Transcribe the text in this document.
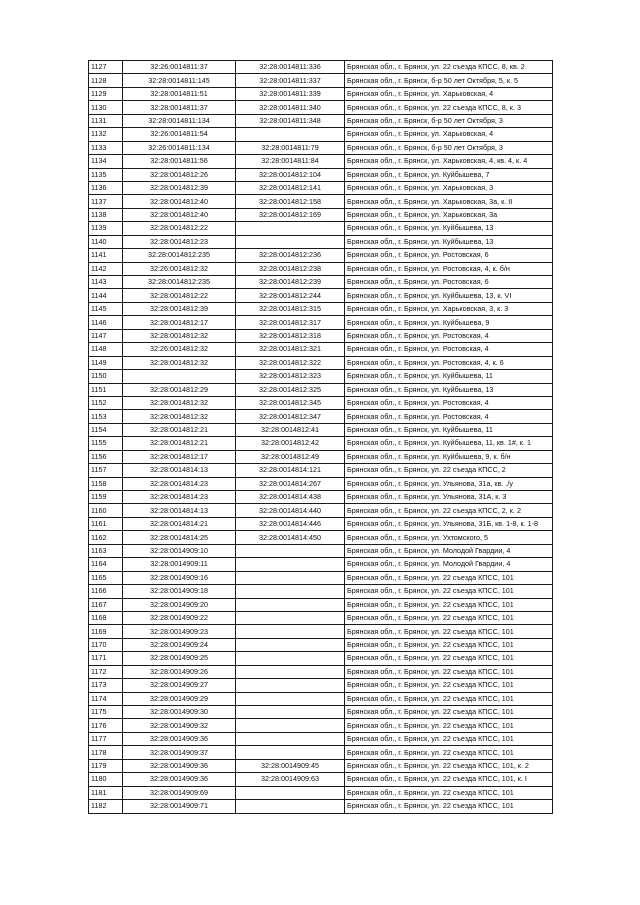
1127	32:26:0014811:37	32:28:0014811:336	Брянская обл., г. Брянск, ул. 22 съезда КПСС, 8, кв. 2
1128	32:28:0014811:145	32:28:0014811:337	Брянская обл., г. Брянск, б-р 50 лет Октября, 5, к. 5
1129	32:28:0014811:51	32:28:0014811:339	Брянская обл., г. Брянск, ул. Харьковская, 4
1130	32:28:0014811:37	32:28:0014811:340	Брянская обл., г. Брянск, ул. 22 съезда КПСС, 8, к. 3
1131	32:28:0014811:134	32:28:0014811:348	Брянская обл., г. Брянск, б-р 50 лет Октября, 3
1132	32:26:0014811:54		Брянская обл., г. Брянск, ул. Харьковская, 4
1133	32:26:0014811:134	32:28:0014811:79	Брянская обл., г. Брянск, б-р 50 лет Октября, 3
1134	32:28:0014811:56	32:28:0014811:84	Брянская обл., г. Брянск, ул. Харьковская, 4, кв. 4, к. 4
1135	32:28:0014812:26	32:28:0014812:104	Брянская обл., г. Брянск, ул. Куйбышева, 7
1136	32:28:0014812:39	32:28:0014812:141	Брянская обл., г. Брянск, ул. Харьковская, 3
1137	32:28:0014812:40	32:28:0014812:158	Брянская обл., г. Брянск, ул. Харьковская, 3а, к. II
1138	32:28:0014812:40	32:28:0014812:169	Брянская обл., г. Брянск, ул. Харьковская, 3а
1139	32:28:0014812:22		Брянская обл., г. Брянск, ул. Куйбышева, 13
1140	32:28:0014812:23		Брянская обл., г. Брянск, ул. Куйбышева, 13
1141	32:28:0014812:235	32:28:0014812:236	Брянская обл., г. Брянск, ул. Ростовская, 6
1142	32:26:0014812:32	32:28:0014812:238	Брянская обл., г. Брянск, ул. Ростовская, 4, к. б/н
1143	32:28:0014812:235	32:28:0014812:239	Брянская обл., г. Брянск, ул. Ростовская, 6
1144	32:28:0014812:22	32:28:0014812:244	Брянская обл., г. Брянск, ул. Куйбышева, 13, к. VI
1145	32:28:0014812:39	32:28:0014812:315	Брянская обл., г. Брянск, ул. Харьковская, 3, к. 3
1146	32:28:0014812:17	32:28:0014812:317	Брянская обл., г. Брянск, ул. Куйбышева, 9
1147	32:28:0014812:32	32:28:0014812:318	Брянская обл., г. Брянск, ул. Ростовская, 4
1148	32:26:0014812:32	32:28:0014812:321	Брянская обл., г. Брянск, ул. Ростовская, 4
1149	32:28:0014812:32	32:28:0014812:322	Брянская обл., г. Брянск, ул. Ростовская, 4, к. 6
1150		32:28:0014812:323	Брянская обл., г. Брянск, ул. Куйбышева, 11
1151	32:28:0014812:29	32:28:0014812:325	Брянская обл., г. Брянск, ул. Куйбышева, 13
1152	32:28:0014812:32	32:28:0014812:345	Брянская обл., г. Брянск, ул. Ростовская, 4
1153	32:28:0014812:32	32:28:0014812:347	Брянская обл., г. Брянск, ул. Ростовская, 4
1154	32:28:0014812:21	32:28:0014812:41	Брянская обл., г. Брянск, ул. Куйбышева, 11
1155	32:28:0014812:21	32:28:0014812:42	Брянская обл., г. Брянск, ул. Куйбышева, 11, кв. 1#, к. 1
1156	32:28:0014812:17	32:28:0014812:49	Брянская обл., г. Брянск, ул. Куйбышева, 9, к. б/н
1157	32:28:0014814:13	32:28:0014814:121	Брянская обл., г. Брянск, ул. 22 съезда КПСС, 2
1158	32:28:0014814:23	32:28:0014814:267	Брянская обл., г. Брянск, ул. Ульянова, 31а, кв. ./у
1159	32:28:0014814:23	32:28:0014814:438	Брянская обл., г. Брянск, ул. Ульянова, 31А, к. 3
1160	32:28:0014814:13	32:28:0014814:440	Брянская обл., г. Брянск, ул. 22 съезда КПСС, 2, к. 2
1161	32:28:0014814:21	32:28:0014814:446	Брянская обл., г. Брянск, ул. Ульянова, 31Б, кв. 1-8, к. 1-8
1162	32:28:0014814:25	32:28:0014814:450	Брянская обл., г. Брянск, ул. Ухтомского, 5
1163	32:28:0014909:10		Брянская обл., г. Брянск, ул. Молодой Гвардии, 4
1164	32:28:0014909:11		Брянская обл., г. Брянск, ул. Молодой Гвардии, 4
1165	32:28:0014909:16		Брянская обл., г. Брянск, ул. 22 съезда КПСС, 101
1166	32:28:0014909:18		Брянская обл., г. Брянск, ул. 22 съезда КПСС, 101
1167	32:28:0014909:20		Брянская обл., г. Брянск, ул. 22 съезда КПСС, 101
1168	32:28:0014909:22		Брянская обл., г. Брянск, ул. 22 съезда КПСС, 101
1169	32:28:0014909:23		Брянская обл., г. Брянск, ул. 22 съезда КПСС, 101
1170	32:28:0014909:24		Брянская обл., г. Брянск, ул. 22 съезда КПСС, 101
1171	32:28:0014909:25		Брянская обл., г. Брянск, ул. 22 съезда КПСС, 101
1172	32:28:0014909:26		Брянская обл., г. Брянск, ул. 22 съезда КПСС, 101
1173	32:28:0014909:27		Брянская обл., г. Брянск, ул. 22 съезда КПСС, 101
1174	32:28:0014909:29		Брянская обл., г. Брянск, ул. 22 съезда КПСС, 101
1175	32:28:0014909:30		Брянская обл., г. Брянск, ул. 22 съезда КПСС, 101
1176	32:28:0014909:32		Брянская обл., г. Брянск, ул. 22 съезда КПСС, 101
1177	32:28:0014909:36		Брянская обл., г. Брянск, ул. 22 съезда КПСС, 101
1178	32:28:0014909:37		Брянская обл., г. Брянск, ул. 22 съезда КПСС, 101
1179	32:28:0014909:36	32:28:0014909:45	Брянская обл., г. Брянск, ул. 22 съезда КПСС, 101, к. 2
1180	32:28:0014909:36	32:28:0014909:63	Брянская обл., г. Брянск, ул. 22 съезда КПСС, 101, к. I
1181	32:28:0014909:69		Брянская обл., г. Брянск, ул. 22 съезда КПСС, 101
1182	32:28:0014909:71		Брянская обл., г. Брянск, ул. 22 съезда КПСС, 101
